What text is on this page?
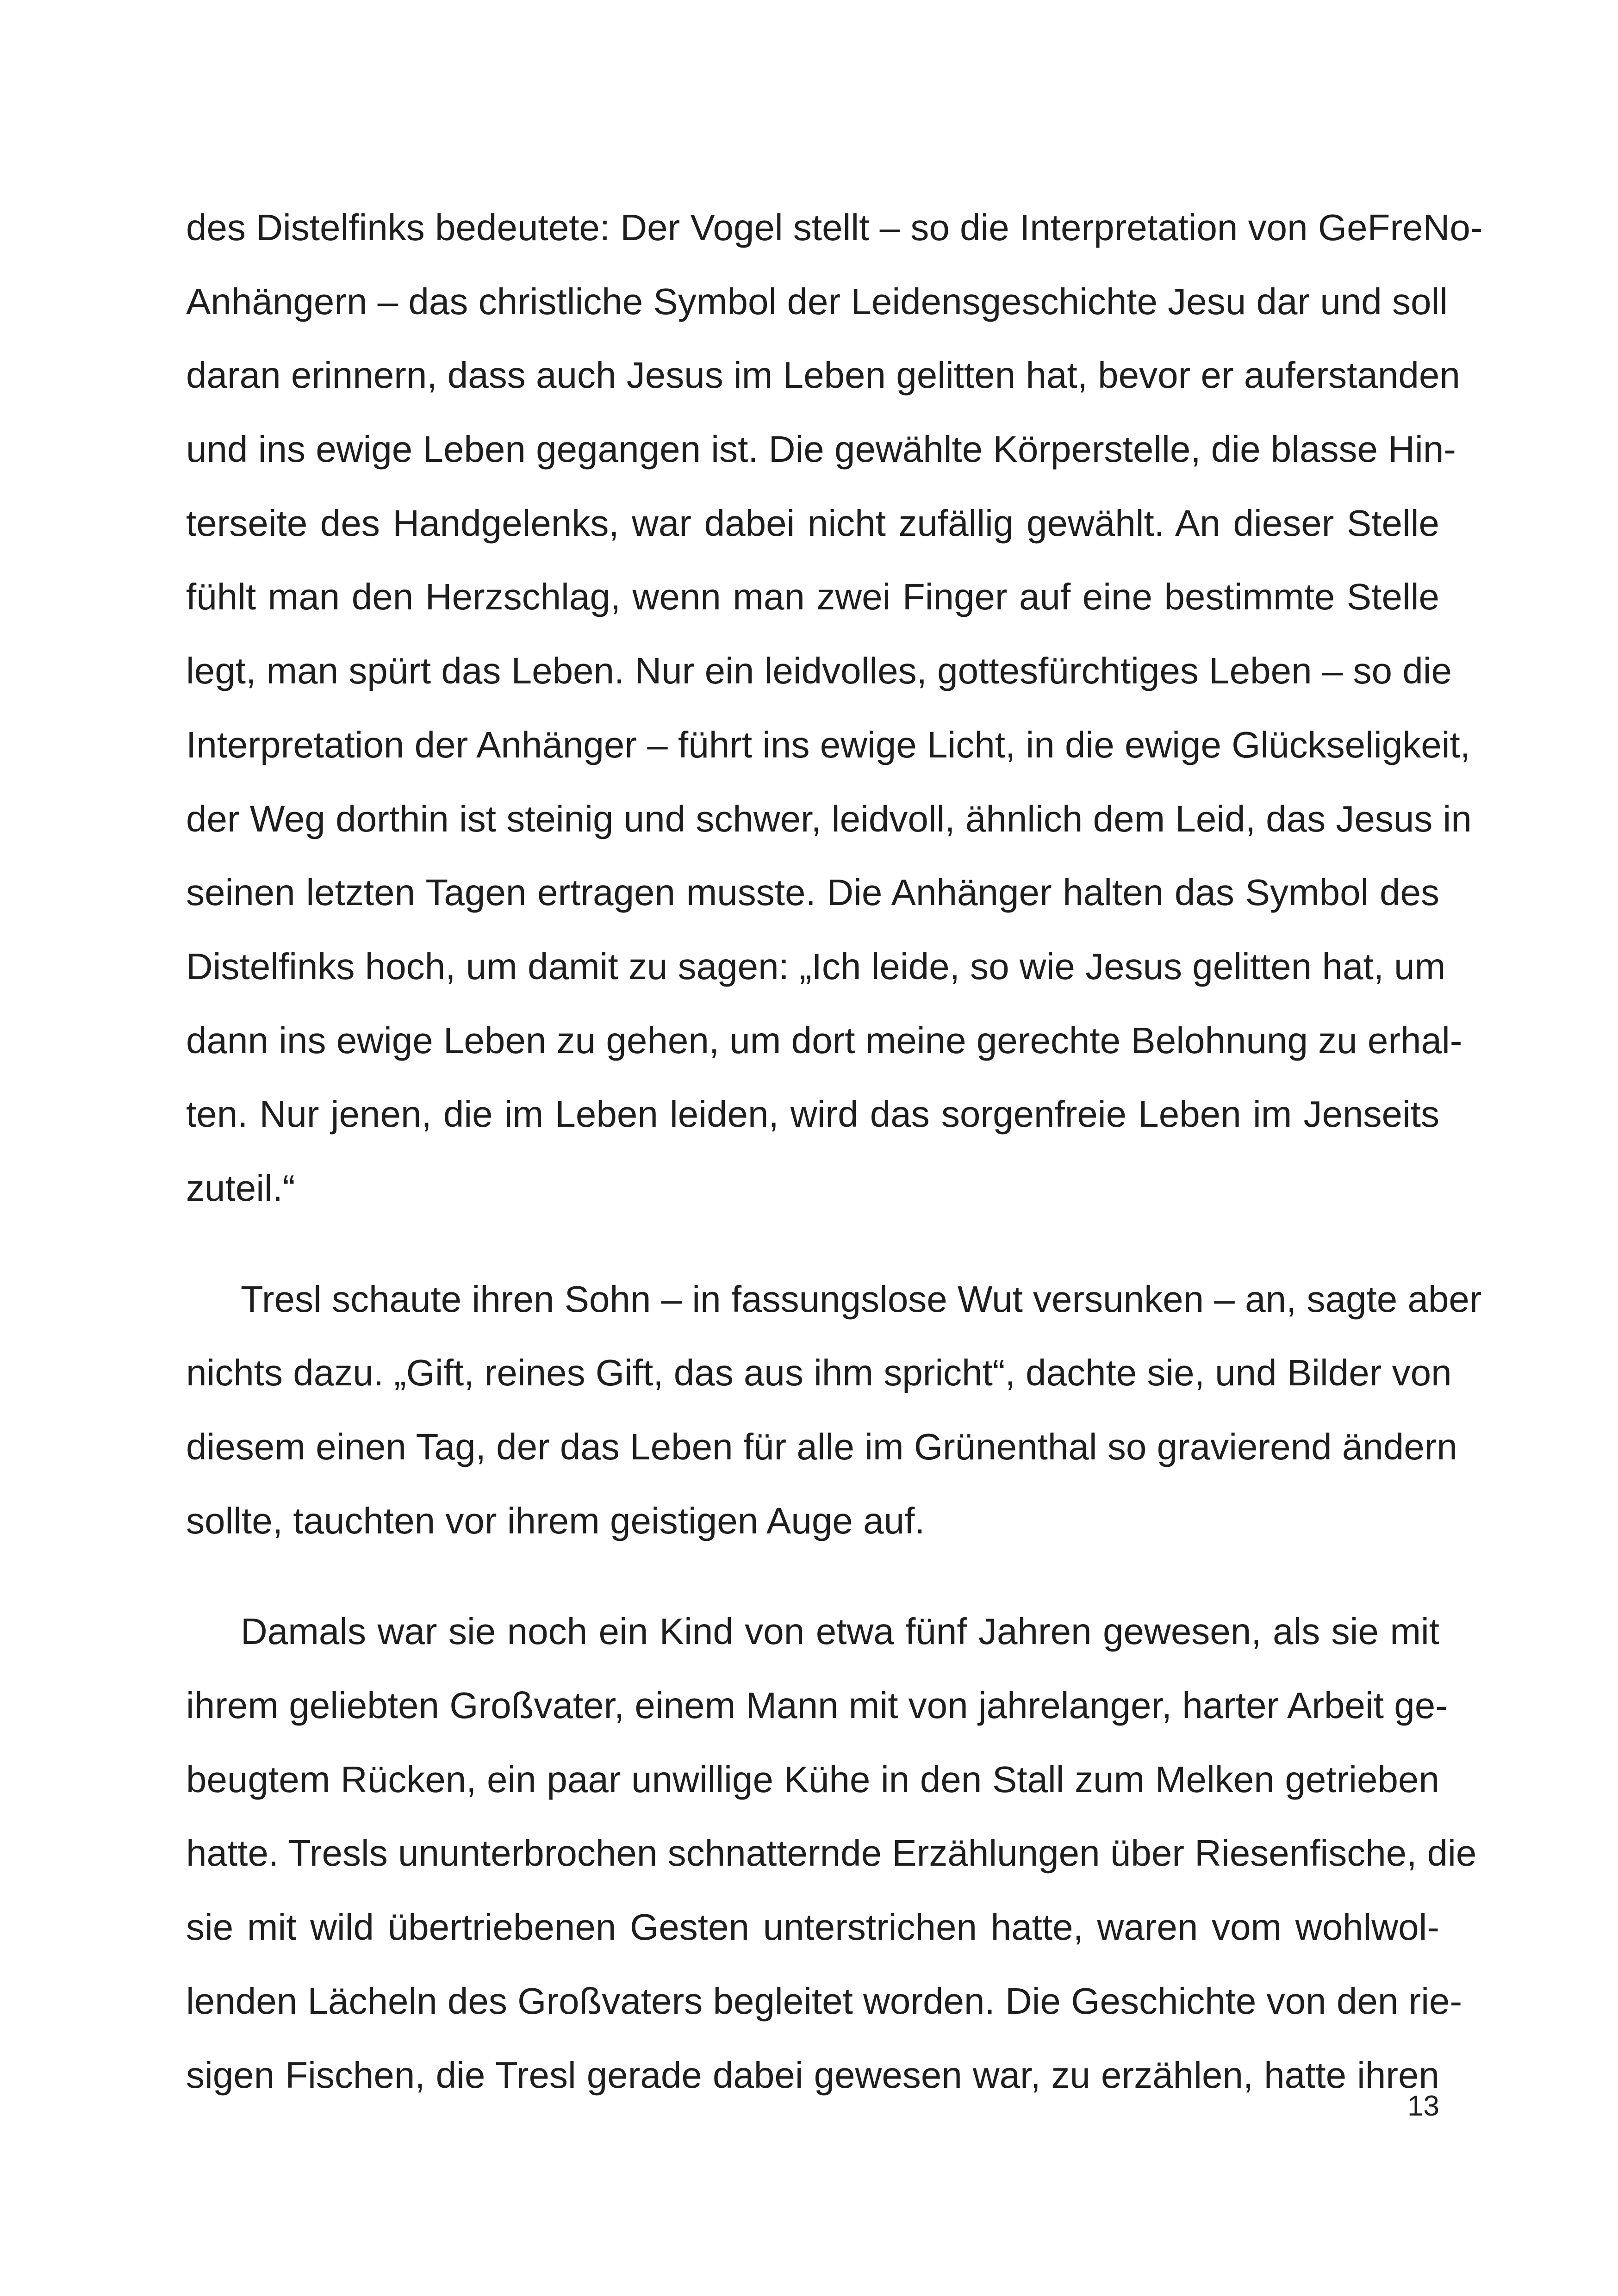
des Distelfinks bedeutete: Der Vogel stellt – so die Interpretation von GeFreNo-
Anhängern – das christliche Symbol der Leidensgeschichte Jesu dar und soll
daran erinnern, dass auch Jesus im Leben gelitten hat, bevor er auferstanden
und ins ewige Leben gegangen ist. Die gewählte Körperstelle, die blasse Hin-
terseite des Handgelenks, war dabei nicht zufällig gewählt. An dieser Stelle
fühlt man den Herzschlag, wenn man zwei Finger auf eine bestimmte Stelle
legt, man spürt das Leben. Nur ein leidvolles, gottesfürchtiges Leben – so die
Interpretation der Anhänger – führt ins ewige Licht, in die ewige Glückseligkeit,
der Weg dorthin ist steinig und schwer, leidvoll, ähnlich dem Leid, das Jesus in
seinen letzten Tagen ertragen musste. Die Anhänger halten das Symbol des
Distelfinks hoch, um damit zu sagen: „Ich leide, so wie Jesus gelitten hat, um
dann ins ewige Leben zu gehen, um dort meine gerechte Belohnung zu erhal-
ten. Nur jenen, die im Leben leiden, wird das sorgenfreie Leben im Jenseits
zuteil.“
Tresl schaute ihren Sohn – in fassungslose Wut versunken – an, sagte aber
nichts dazu. „Gift, reines Gift, das aus ihm spricht“, dachte sie, und Bilder von
diesem einen Tag, der das Leben für alle im Grünenthal so gravierend ändern
sollte, tauchten vor ihrem geistigen Auge auf.
Damals war sie noch ein Kind von etwa fünf Jahren gewesen, als sie mit
ihrem geliebten Großvater, einem Mann mit von jahrelanger, harter Arbeit ge-
beugtem Rücken, ein paar unwillige Kühe in den Stall zum Melken getrieben
hatte. Tresls ununterbrochen schnatternde Erzählungen über Riesenfische, die
sie mit wild übertriebenen Gesten unterstrichen hatte, waren vom wohlwol-
lenden Lächeln des Großvaters begleitet worden. Die Geschichte von den rie-
sigen Fischen, die Tresl gerade dabei gewesen war, zu erzählen, hatte ihren
13
